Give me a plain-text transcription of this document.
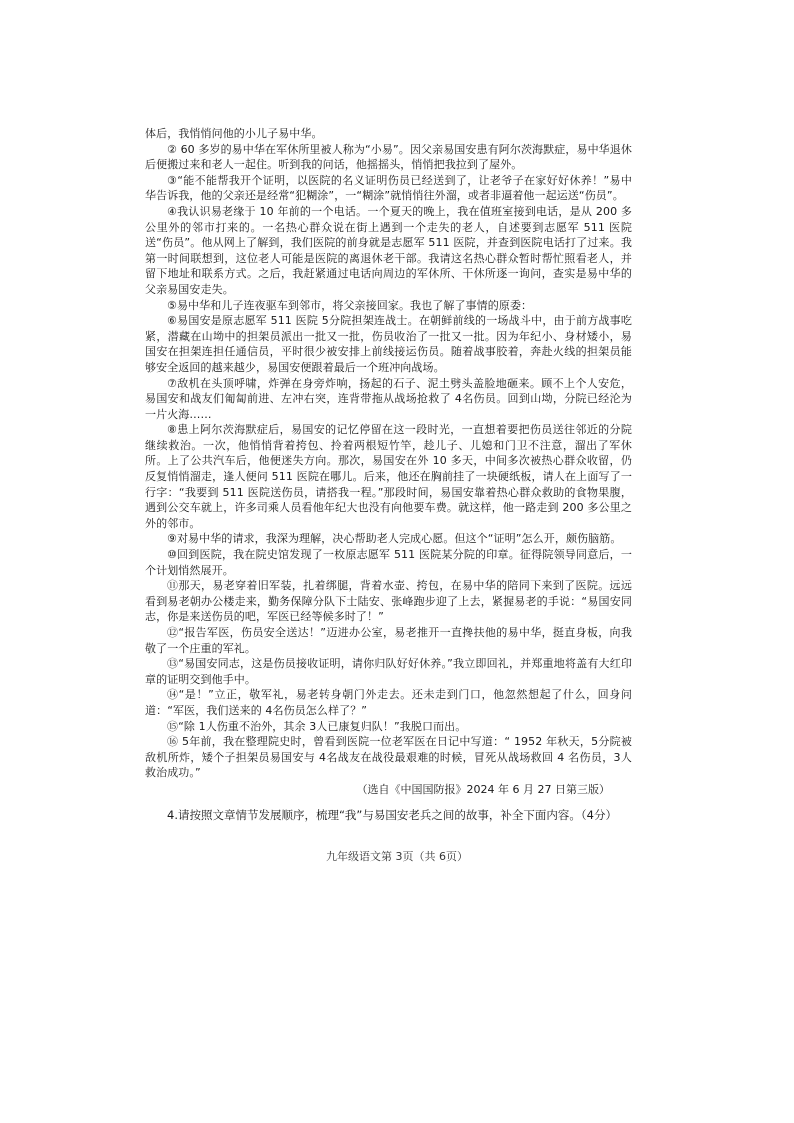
体后，我悄悄问他的小儿子易中华。

② 60 多岁的易中华在军休所里被人称为“小易”。因父亲易国安患有阿尔茨海默症，易中华退休后便搬过来和老人一起住。听到我的问话，他摇摇头，悄悄把我拉到了屋外。

③“能不能帮我开个证明，以医院的名义证明伤员已经送到了，让老爷子在家好好休养！”易中华告诉我，他的父亲还是经常“犯糊涂”，一“糊涂”就悄悄往外溜，或者非逼着他一起运送“伤员”。

④我认识易老缘于 10 年前的一个电话。一个夏天的晚上，我在值班室接到电话，是从 200 多公里外的邻市打来的。一名热心群众说在街上遇到一个走失的老人，自述要到志愿军 511 医院送“伤员”。他从网上了解到，我们医院的前身就是志愿军 511 医院，并查到医院电话打了过来。我第一时间联想到，这位老人可能是医院的离退休老干部。我请这名热心群众暂时帮忙照看老人，并留下地址和联系方式。之后，我赶紧通过电话向周边的军休所、干休所逐一询问，查实是易中华的父亲易国安走失。

⑤易中华和儿子连夜驱车到邻市，将父亲接回家。我也了解了事情的原委：

⑥易国安是原志愿军 511 医院 5分院担架连战士。在朝鲜前线的一场战斗中，由于前方战事吃紧，潜藏在山坳中的担架员派出一批又一批，伤员收治了一批又一批。因为年纪小、身材矮小，易国安在担架连担任通信员，平时很少被安排上前线接运伤员。随着战事胶着，奔赴火线的担架员能够安全返回的越来越少，易国安便跟着最后一个班冲向战场。

⑦敌机在头顶呼啸，炸弹在身旁炸响，扬起的石子、泥土劈头盖脸地砸来。顾不上个人安危，易国安和战友们匍匐前进、左冲右突，连背带拖从战场抢救了 4名伤员。回到山坳，分院已经沦为一片火海……

⑧患上阿尔茨海默症后，易国安的记忆停留在这一段时光，一直想着要把伤员送往邻近的分院继续救治。一次，他悄悄背着挎包、拎着两根短竹竿，趁儿子、儿媳和门卫不注意，溜出了军休所。上了公共汽车后，他便迷失方向。那次，易国安在外 10 多天，中间多次被热心群众收留，仍反复悄悄溜走，逢人便问 511 医院在哪儿。后来，他还在胸前挂了一块硬纸板，请人在上面写了一行字：“我要到 511 医院送伤员，请搭我一程。”那段时间，易国安靠着热心群众救助的食物果腹，遇到公交车就上，许多司乘人员看他年纪大也没有向他要车费。就这样，他一路走到 200 多公里之外的邻市。

⑨对易中华的请求，我深为理解，决心帮助老人完成心愿。但这个“证明”怎么开，颇伤脑筋。

⑩回到医院，我在院史馆发现了一枚原志愿军 511 医院某分院的印章。征得院领导同意后，一个计划悄然展开。

⑪那天，易老穿着旧军装，扎着绑腿，背着水壶、挎包，在易中华的陪同下来到了医院。远远看到易老朝办公楼走来，勤务保障分队下士陆安、张峰跑步迎了上去，紧握易老的手说：“易国安同志，你是来送伤员的吧，军医已经等候多时了！”

⑫“报告军医，伤员安全送达！”迈进办公室，易老推开一直搀扶他的易中华，挺直身板，向我敬了一个庄重的军礼。

⑬“易国安同志，这是伤员接收证明，请你归队好好休养。”我立即回礼，并郑重地将盖有大红印章的证明交到他手中。

⑭“是！”立正，敬军礼，易老转身朝门外走去。还未走到门口，他忽然想起了什么，回身问道：“军医，我们送来的 4名伤员怎么样了？”

⑮“除 1人伤重不治外，其余 3人已康复归队！”我脱口而出。

⑯ 5年前，我在整理院史时，曾看到医院一位老军医在日记中写道：“ 1952 年秋天，5分院被敌机所炸，矮个子担架员易国安与 4名战友在战役最艰难的时候，冒死从战场救回 4 名伤员，3人救治成功。”

（选自《中国国防报》2024 年 6 月 27 日第三版）
4.请按照文章情节发展顺序，梳理“我”与易国安老兵之间的故事，补全下面内容。（4分）
九年级语文第 3页（共 6页）
